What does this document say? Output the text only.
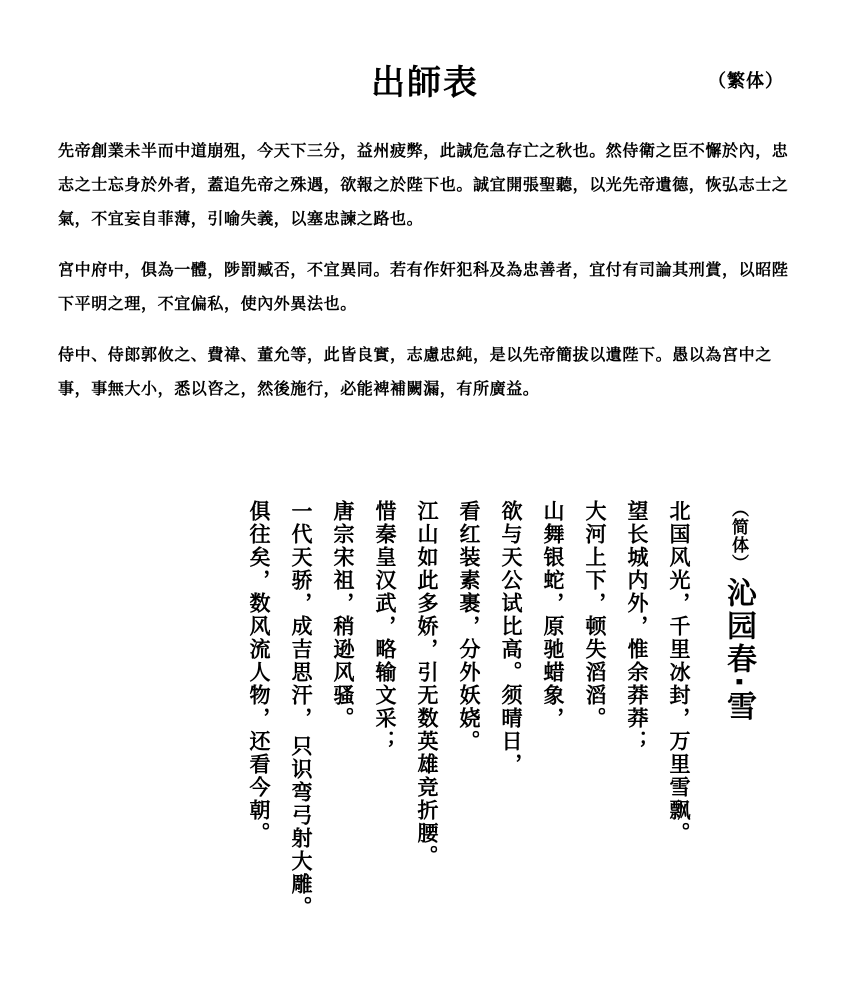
出師表	（繁体）

先帝創業未半而中道崩殂，今天下三分，益州疲弊，此誠危急存亡之秋也。然侍衛之臣不懈於內，忠志之士忘身於外者，蓋追先帝之殊遇，欲報之於陛下也。誠宜開張聖聽，以光先帝遺德，恢弘志士之氣，不宜妄自菲薄，引喻失義，以塞忠諫之路也。

宮中府中，俱為一體，陟罰臧否，不宜異同。若有作奸犯科及為忠善者，宜付有司論其刑賞，以昭陛下平明之理，不宜偏私，使內外異法也。

侍中、侍郎郭攸之、費禕、董允等，此皆良實，志慮忠純，是以先帝簡拔以遺陛下。愚以為宮中之事，事無大小，悉以咨之，然後施行，必能裨補闕漏，有所廣益。

（简体） 沁园春·雪 北国风光，千里冰封，万里雪飘。 望长城内外，惟余莽莽； 大河上下，顿失滔滔。 山舞银蛇，原驰蜡象， 欲与天公试比高。须晴日， 看红装素裹，分外妖娆。 江山如此多娇，引无数英雄竞折腰。 惜秦皇汉武，略输文采； 唐宗宋祖，稍逊风骚。 一代天骄，成吉思汗， 只识弯弓射大雕。 俱往矣，数风流人物，还看今朝。
